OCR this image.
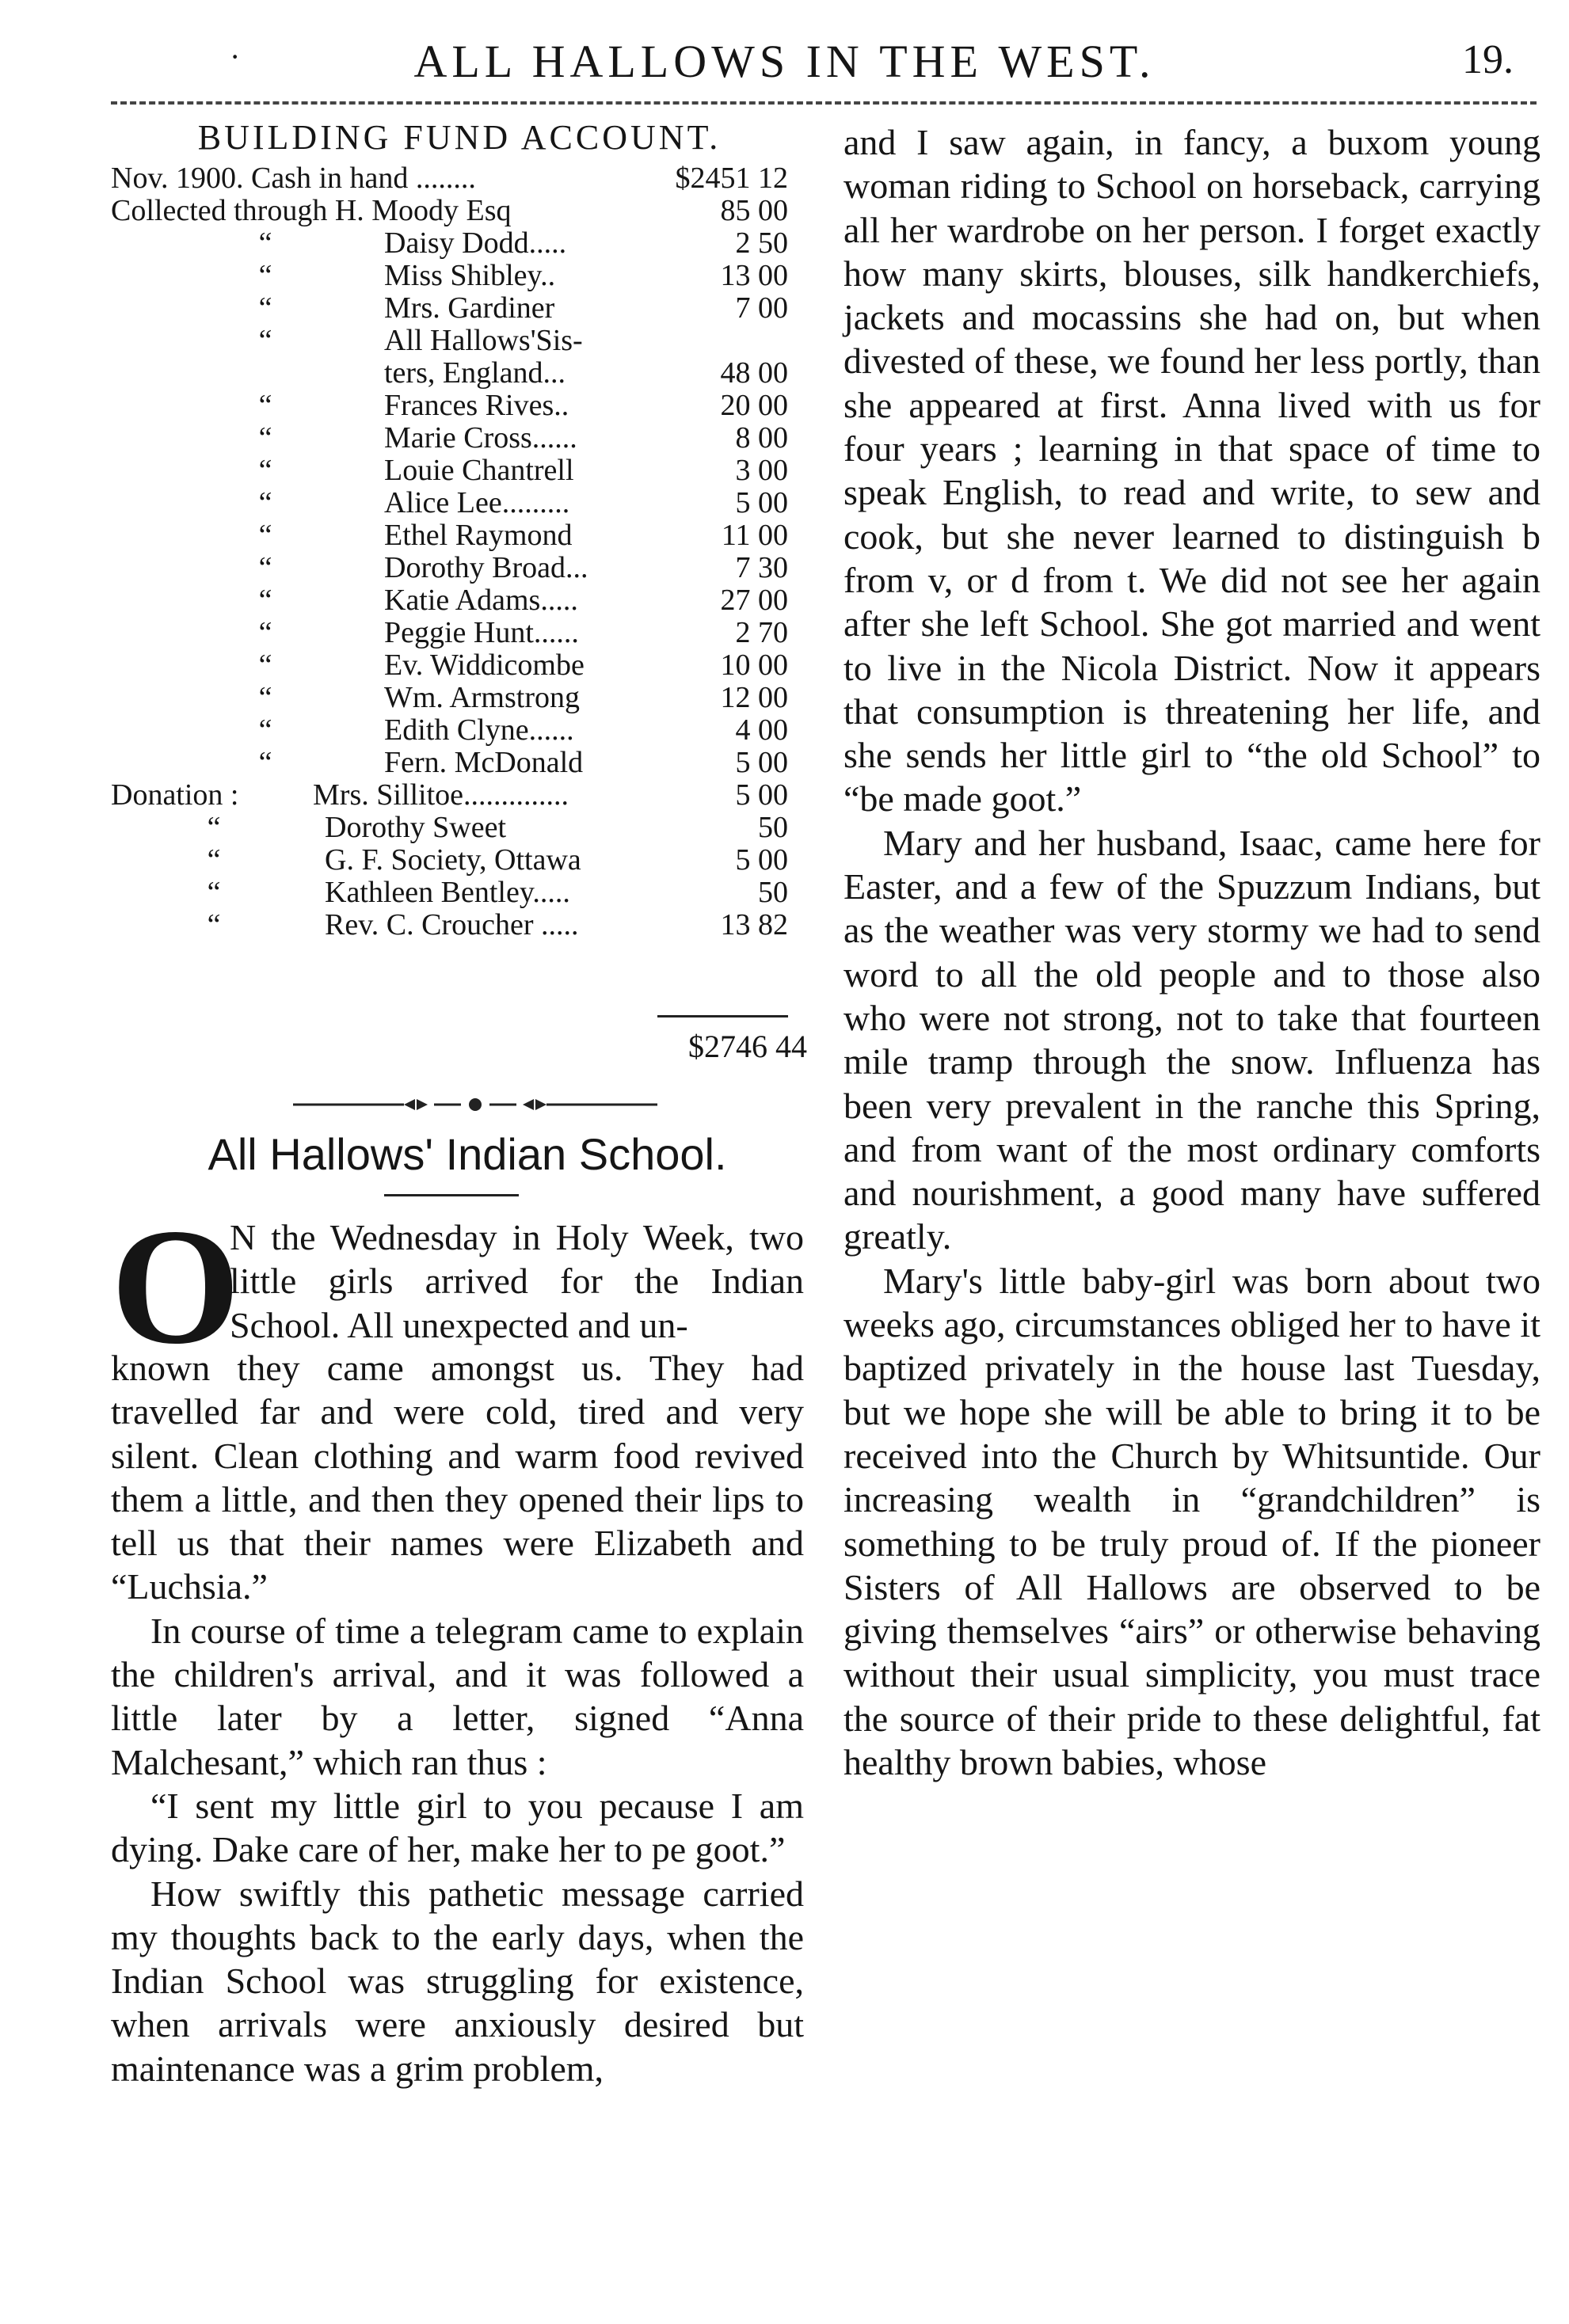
·	ALL HALLOWS IN THE WEST.	19.
BUILDING FUND ACCOUNT.
Nov. 1900. Cash in hand ........	$2451 12
Collected through H. Moody Esq	85 00
“	Daisy Dodd.....	2 50
“	Miss Shibley..	13 00
“	Mrs. Gardiner	7 00
“	All Hallows'Sis-
ters, England...	48 00
“	Frances Rives..	20 00
“	Marie Cross......	8 00
“	Louie Chantrell	3 00
“	Alice Lee.........	5 00
“	Ethel Raymond	11 00
“	Dorothy Broad...	7 30
“	Katie Adams.....	27 00
“	Peggie Hunt......	2 70
“	Ev. Widdicombe	10 00
“	Wm. Armstrong	12 00
“	Edith Clyne......	4 00
“	Fern. McDonald	5 00
Donation : Mrs. Sillitoe..............	5 00
“	Dorothy Sweet	50
“	G. F. Society, Ottawa	5 00
“	Kathleen Bentley.....	50
“	Rev. C. Croucher .....	13 82
$2746 44
All Hallows' Indian School.
O

N the Wednesday in Holy Week, two little girls arrived for the Indian School. All unexpected and un-

known they came amongst us. They had travelled far and were cold, tired and very silent. Clean clothing and warm food revived them a little, and then they opened their lips to tell us that their names were Elizabeth and “Luchsia.”

In course of time a telegram came to explain the children's arrival, and it was followed a little later by a letter, signed “Anna Malchesant,” which ran thus :

“I sent my little girl to you pecause I am dying. Dake care of her, make her to pe goot.”

How swiftly this pathetic message carried my thoughts back to the early days, when the Indian School was struggling for existence, when arrivals were anxiously desired but maintenance was a grim problem,

and I saw again, in fancy, a buxom young woman riding to School on horseback, carrying all her wardrobe on her person. I forget exactly how many skirts, blouses, silk handkerchiefs, jackets and mocassins she had on, but when divested of these, we found her less portly, than she appeared at first. Anna lived with us for four years ; learning in that space of time to speak English, to read and write, to sew and cook, but she never learned to distinguish b from v, or d from t. We did not see her again after she left School. She got married and went to live in the Nicola District. Now it appears that consumption is threatening her life, and she sends her little girl to “the old School” to “be made goot.”

Mary and her husband, Isaac, came here for Easter, and a few of the Spuzzum Indians, but as the weather was very stormy we had to send word to all the old people and to those also who were not strong, not to take that fourteen mile tramp through the snow. Influenza has been very prevalent in the ranche this Spring, and from want of the most ordinary comforts and nourishment, a good many have suffered greatly.

Mary's little baby-girl was born about two weeks ago, circumstances obliged her to have it baptized privately in the house last Tuesday, but we hope she will be able to bring it to be received into the Church by Whitsuntide. Our increasing wealth in “grandchildren” is something to be truly proud of. If the pioneer Sisters of All Hallows are observed to be giving themselves “airs” or otherwise behaving without their usual simplicity, you must trace the source of their pride to these delightful, fat healthy brown babies, whose
